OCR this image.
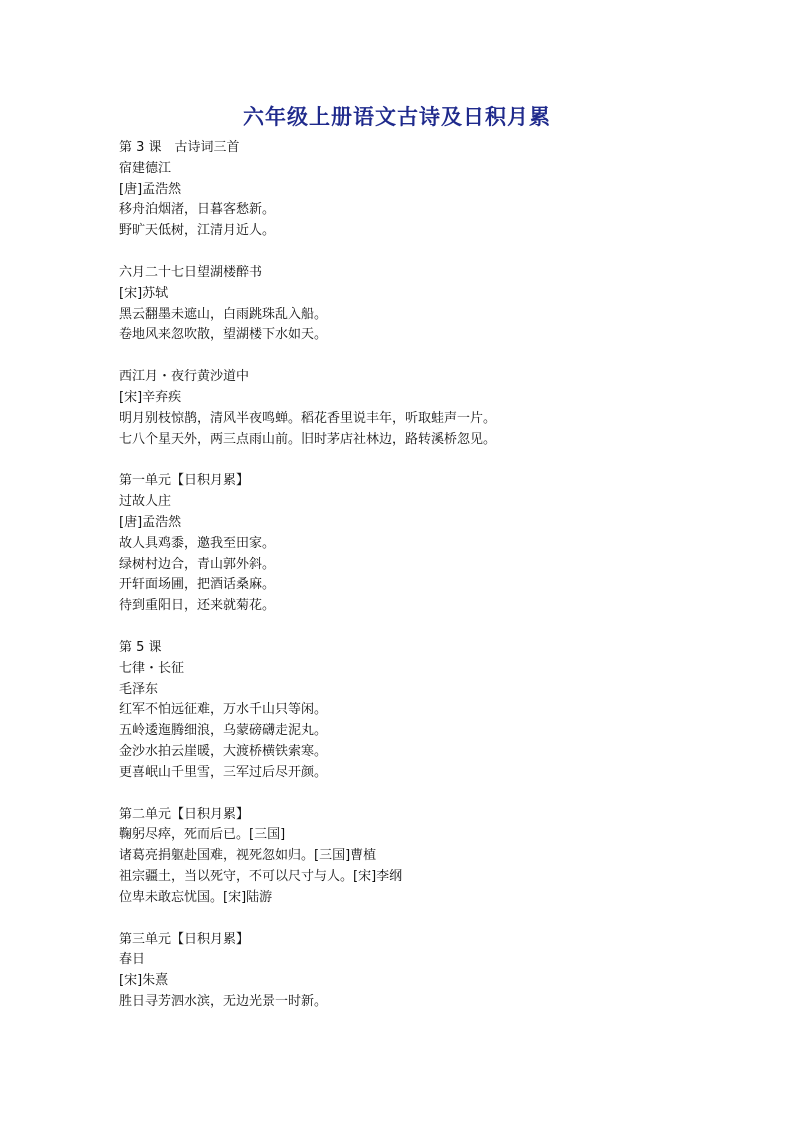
六年级上册语文古诗及日积月累
第 3 课　古诗词三首
宿建德江
[唐]孟浩然
移舟泊烟渚，日暮客愁新。
野旷天低树，江清月近人。
六月二十七日望湖楼醉书
[宋]苏轼
黑云翻墨未遮山，白雨跳珠乱入船。
卷地风来忽吹散，望湖楼下水如天。
西江月・夜行黄沙道中
[宋]辛弃疾
明月别枝惊鹊，清风半夜鸣蝉。稻花香里说丰年，听取蛙声一片。
七八个星天外，两三点雨山前。旧时茅店社林边，路转溪桥忽见。
第一单元【日积月累】
过故人庄
[唐]孟浩然
故人具鸡黍，邀我至田家。
绿树村边合，青山郭外斜。
开轩面场圃，把酒话桑麻。
待到重阳日，还来就菊花。
第 5 课
七律・长征
毛泽东
红军不怕远征难，万水千山只等闲。
五岭逶迤腾细浪，乌蒙磅礴走泥丸。
金沙水拍云崖暖，大渡桥横铁索寒。
更喜岷山千里雪，三军过后尽开颜。
第二单元【日积月累】
鞠躬尽瘁，死而后已。[三国]
诸葛亮捐躯赴国难，视死忽如归。[三国]曹植
祖宗疆土，当以死守，不可以尺寸与人。[宋]李纲
位卑未敢忘忧国。[宋]陆游
第三单元【日积月累】
春日
[宋]朱熹
胜日寻芳泗水滨，无边光景一时新。
